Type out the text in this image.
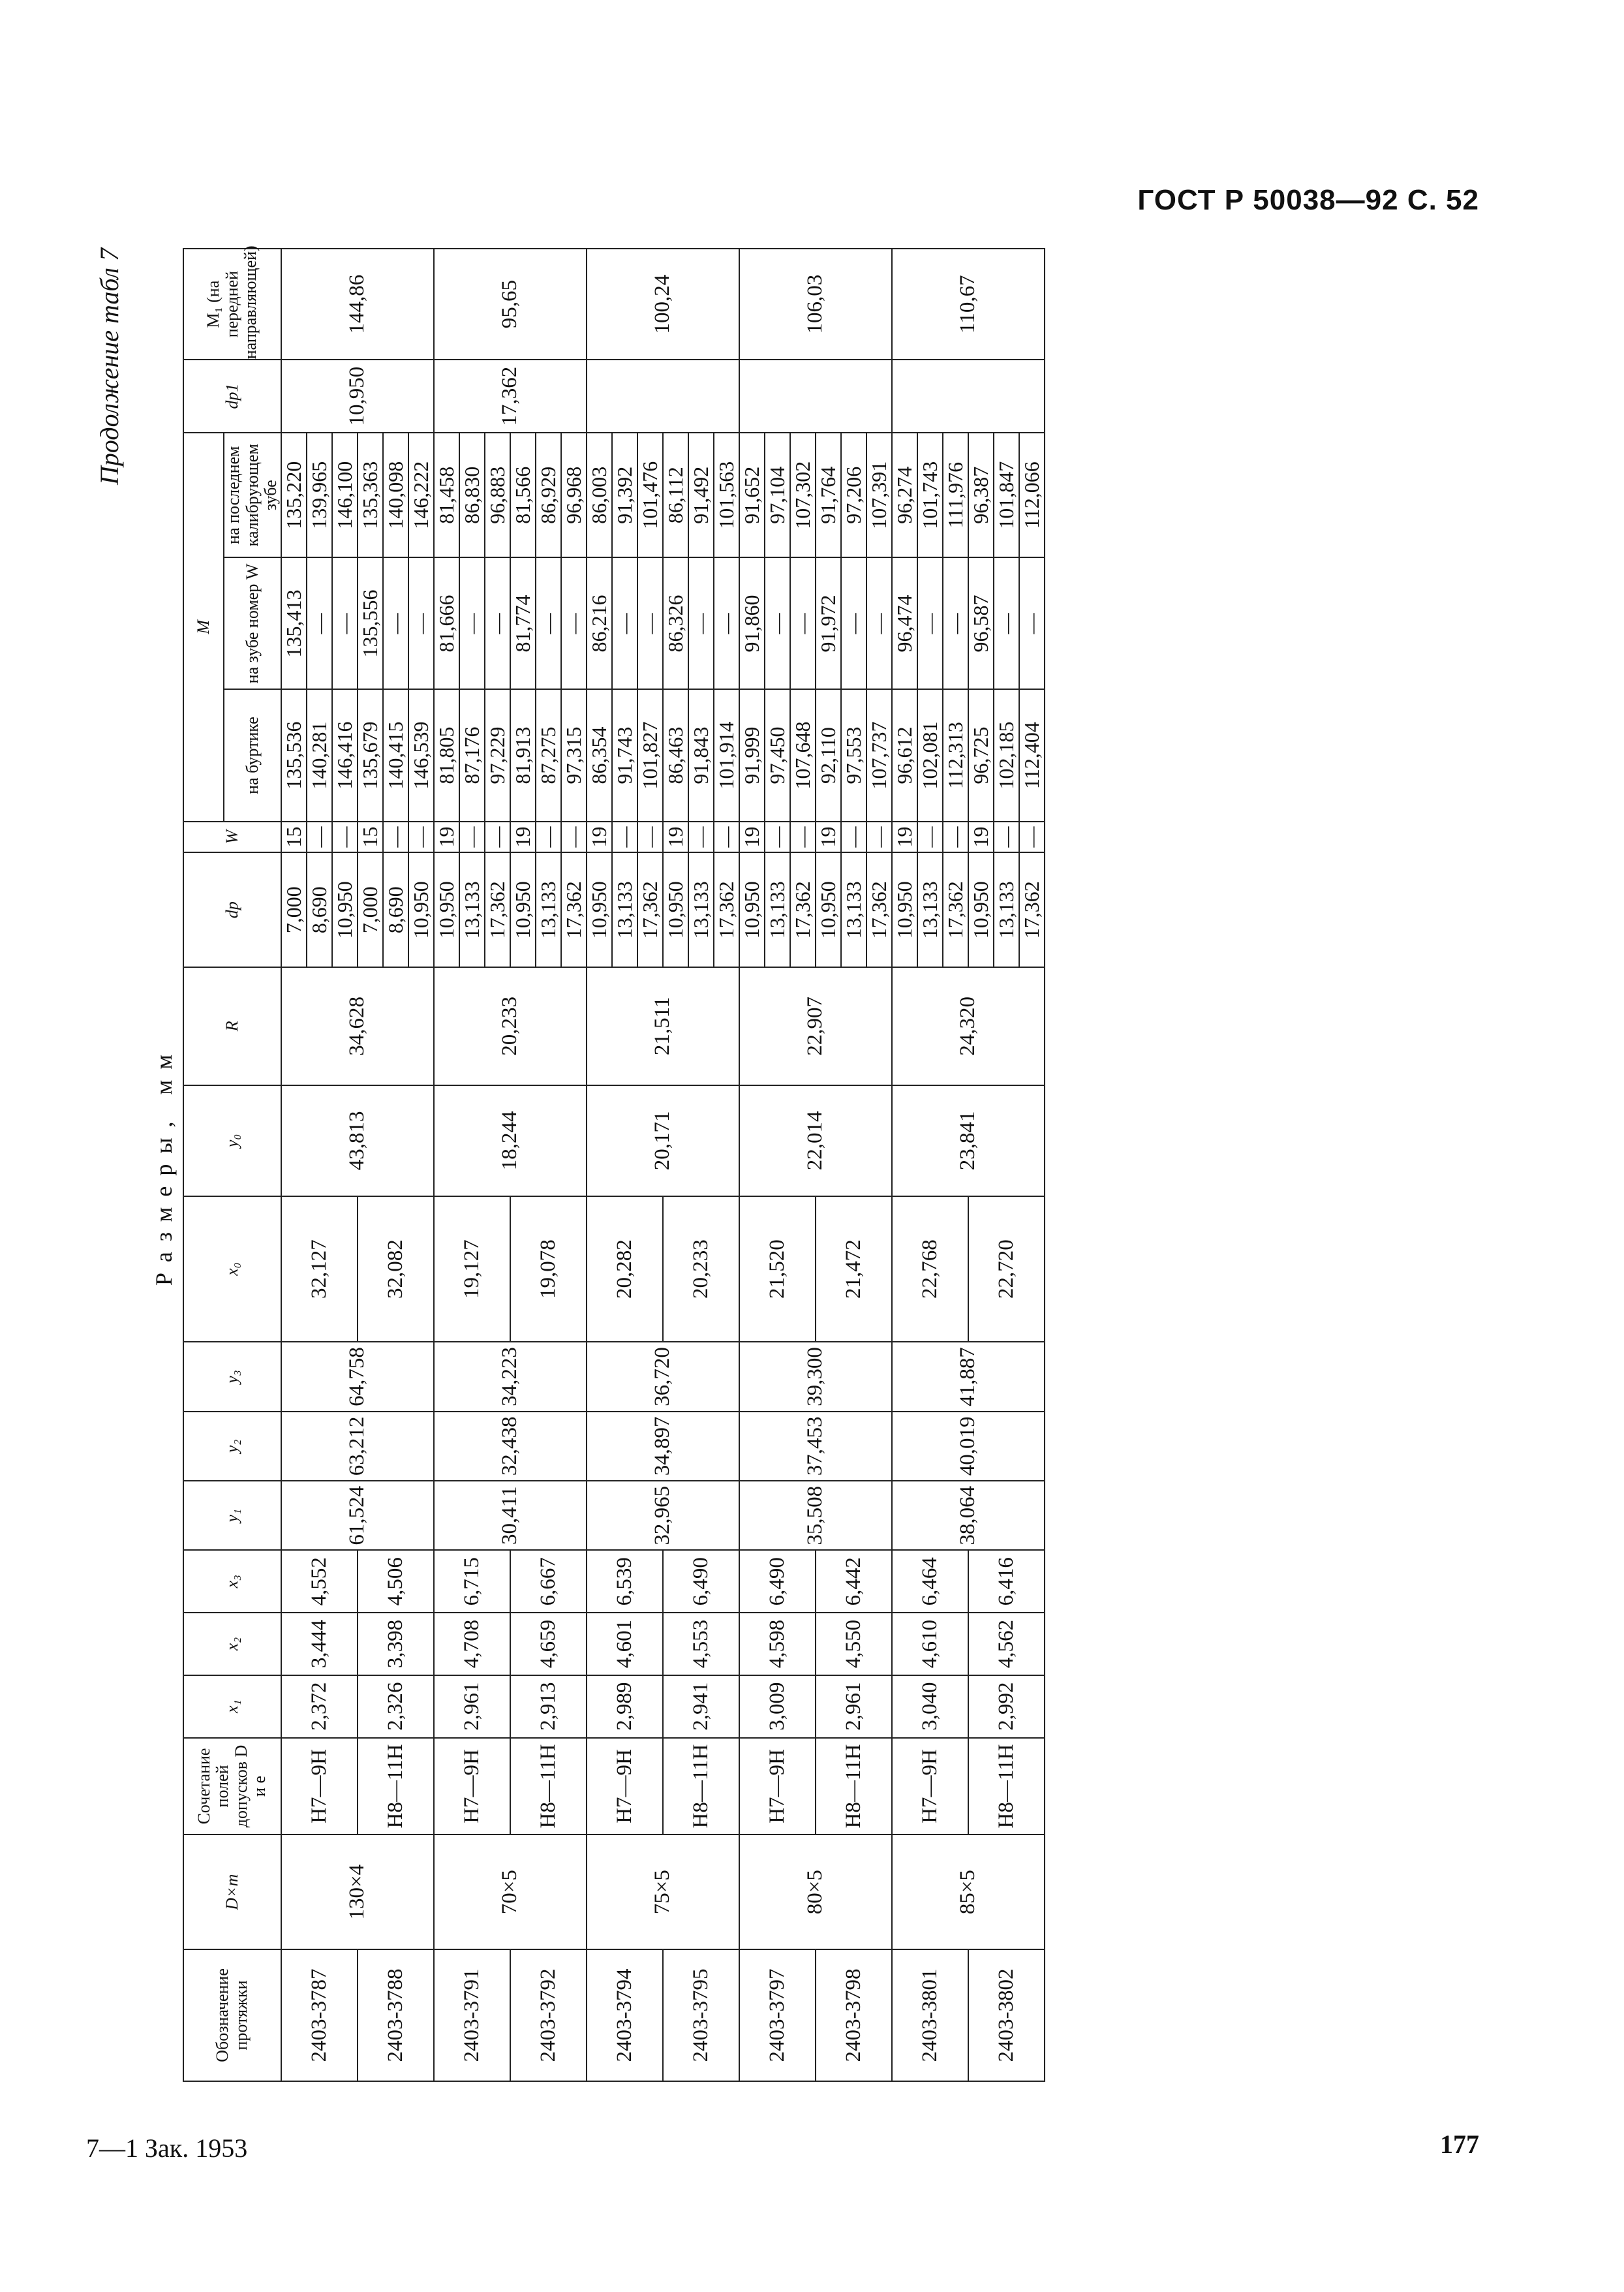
ГОСТ Р 50038—92 С. 52
Продолжение табл 7
Размеры, мм
Обозначение протяжки	D×m	Сочетание полей допусков D и e	x₁	x₂	x₃	y₁	y₂	y₃	x₀	y₀	R	dp	W	M			dp1	M₁ (на передней направляющей)
														на буртике	на зубе номер W	на последнем калибрующем зубе		
2403-3787	130×4	H7—9H	2,372	3,444	4,552	61,524	63,212	64,758	32,127	43,813	34,628	7,000	15	135,536	135,413	135,220	10,950	144,86
												8,690	—	140,281	—	139,965		
												10,950	—	146,416	—	146,100		
2403-3788		H8—11H	2,326	3,398	4,506				32,082			7,000	15	135,679	135,556	135,363		
												8,690	—	140,415	—	140,098		
												10,950	—	146,539	—	146,222		
2403-3791	70×5	H7—9H	2,961	4,708	6,715	30,411	32,438	34,223	19,127	18,244	20,233	10,950	19	81,805	81,666	81,458	17,362	95,65
												13,133	—	87,176	—	86,830		
												17,362	—	97,229	—	96,883		
2403-3792		H8—11H	2,913	4,659	6,667				19,078			10,950	19	81,913	81,774	81,566		
												13,133	—	87,275	—	86,929		
												17,362	—	97,315	—	96,968		
2403-3794	75×5	H7—9H	2,989	4,601	6,539	32,965	34,897	36,720	20,282	20,171	21,511	10,950	19	86,354	86,216	86,003		100,24
												13,133	—	91,743	—	91,392		
												17,362	—	101,827	—	101,476		
2403-3795		H8—11H	2,941	4,553	6,490				20,233			10,950	19	86,463	86,326	86,112		
												13,133	—	91,843	—	91,492		
												17,362	—	101,914	—	101,563		
2403-3797	80×5	H7—9H	3,009	4,598	6,490	35,508	37,453	39,300	21,520	22,014	22,907	10,950	19	91,999	91,860	91,652		106,03
												13,133	—	97,450	—	97,104		
												17,362	—	107,648	—	107,302		
2403-3798		H8—11H	2,961	4,550	6,442				21,472			10,950	19	92,110	91,972	91,764		
												13,133	—	97,553	—	97,206		
												17,362	—	107,737	—	107,391		
2403-3801	85×5	H7—9H	3,040	4,610	6,464	38,064	40,019	41,887	22,768	23,841	24,320	10,950	19	96,612	96,474	96,274		110,67
												13,133	—	102,081	—	101,743		
												17,362	—	112,313	—	111,976		
2403-3802		H8—11H	2,992	4,562	6,416				22,720			10,950	19	96,725	96,587	96,387		
												13,133	—	102,185	—	101,847		
												17,362	—	112,404	—	112,066		
7—1 Зак. 1953	177
